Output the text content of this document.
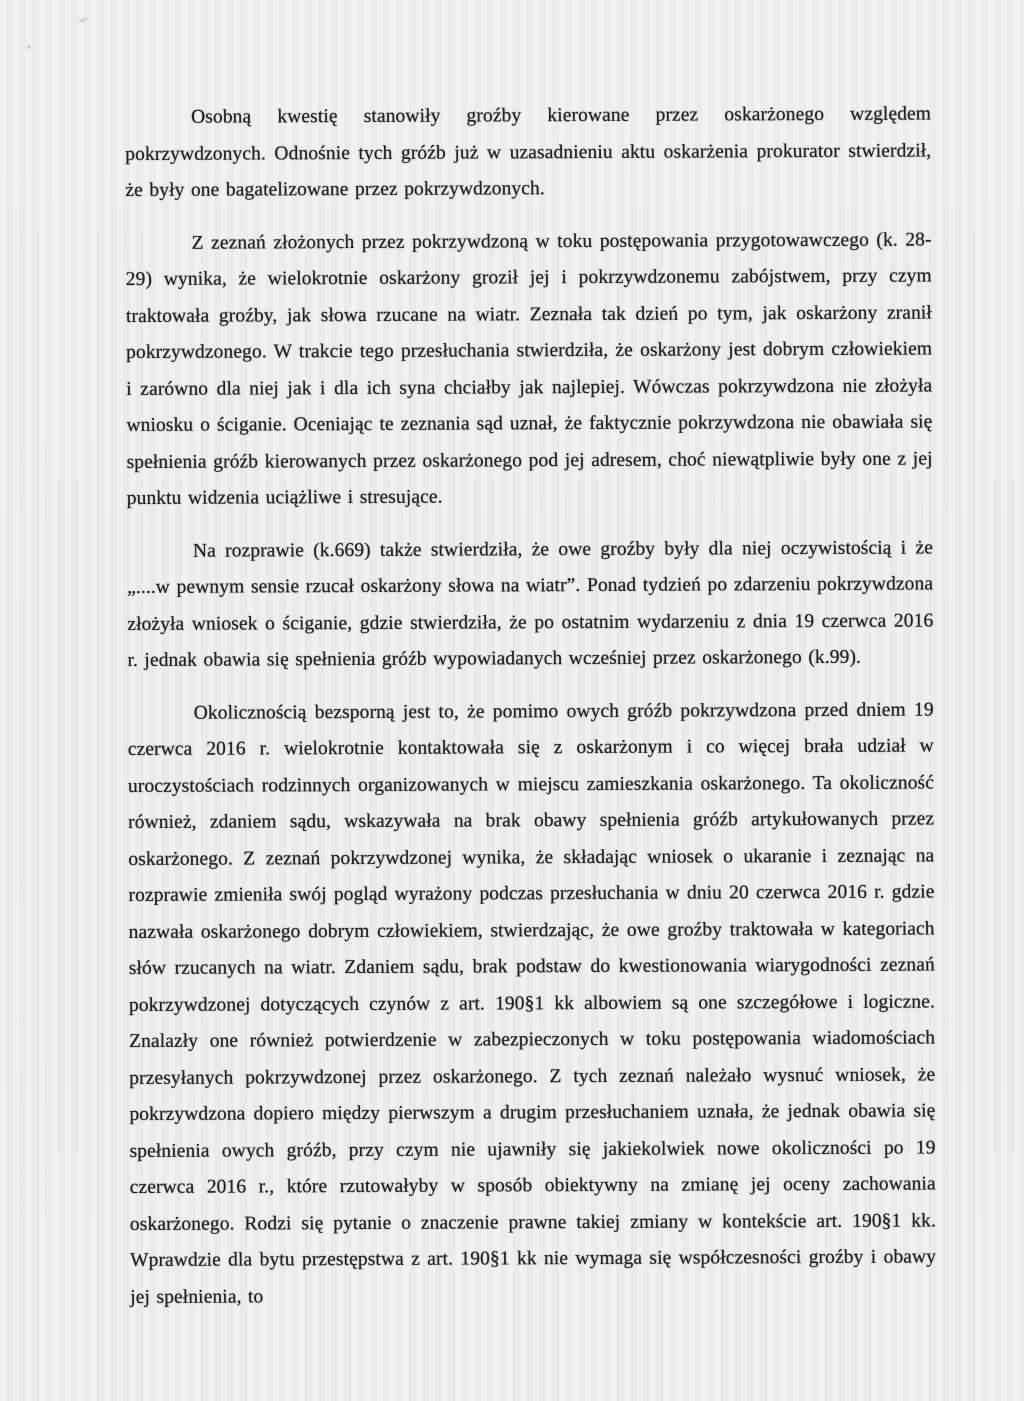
Osobną kwestię stanowiły groźby kierowane przez oskarżonego względem pokrzywdzonych. Odnośnie tych gróźb już w uzasadnieniu aktu oskarżenia prokurator stwierdził, że były one bagatelizowane przez pokrzywdzonych.

Z zeznań złożonych przez pokrzywdzoną w toku postępowania przygotowawczego (k. 28-29) wynika, że wielokrotnie oskarżony groził jej i pokrzywdzonemu zabójstwem, przy czym traktowała groźby, jak słowa rzucane na wiatr. Zeznała tak dzień po tym, jak oskarżony zranił pokrzywdzonego. W trakcie tego przesłuchania stwierdziła, że oskarżony jest dobrym człowiekiem i zarówno dla niej jak i dla ich syna chciałby jak najlepiej. Wówczas pokrzywdzona nie złożyła wniosku o ściganie. Oceniając te zeznania sąd uznał, że faktycznie pokrzywdzona nie obawiała się spełnienia gróźb kierowanych przez oskarżonego pod jej adresem, choć niewątpliwie były one z jej punktu widzenia uciążliwe i stresujące.

Na rozprawie (k.669) także stwierdziła, że owe groźby były dla niej oczywistością i że „....w pewnym sensie rzucał oskarżony słowa na wiatr”. Ponad tydzień po zdarzeniu pokrzywdzona złożyła wniosek o ściganie, gdzie stwierdziła, że po ostatnim wydarzeniu z dnia 19 czerwca 2016 r. jednak obawia się spełnienia gróźb wypowiadanych wcześniej przez oskarżonego (k.99).

Okolicznością bezsporną jest to, że pomimo owych gróźb pokrzywdzona przed dniem 19 czerwca 2016 r. wielokrotnie kontaktowała się z oskarżonym i co więcej brała udział w uroczystościach rodzinnych organizowanych w miejscu zamieszkania oskarżonego. Ta okoliczność również, zdaniem sądu, wskazywała na brak obawy spełnienia gróźb artykułowanych przez oskarżonego. Z zeznań pokrzywdzonej wynika, że składając wniosek o ukaranie i zeznając na rozprawie zmieniła swój pogląd wyrażony podczas przesłuchania w dniu 20 czerwca 2016 r. gdzie nazwała oskarżonego dobrym człowiekiem, stwierdzając, że owe groźby traktowała w kategoriach słów rzucanych na wiatr. Zdaniem sądu, brak podstaw do kwestionowania wiarygodności zeznań pokrzywdzonej dotyczących czynów z art. 190§1 kk albowiem są one szczegółowe i logiczne. Znalazły one również potwierdzenie w zabezpieczonych w toku postępowania wiadomościach przesyłanych pokrzywdzonej przez oskarżonego. Z tych zeznań należało wysnuć wniosek, że pokrzywdzona dopiero między pierwszym a drugim przesłuchaniem uznała, że jednak obawia się spełnienia owych gróźb, przy czym nie ujawniły się jakiekolwiek nowe okoliczności po 19 czerwca 2016 r., które rzutowałyby w sposób obiektywny na zmianę jej oceny zachowania oskarżonego. Rodzi się pytanie o znaczenie prawne takiej zmiany w kontekście art. 190§1 kk. Wprawdzie dla bytu przestępstwa z art. 190§1 kk nie wymaga się współczesności groźby i obawy jej spełnienia, to
